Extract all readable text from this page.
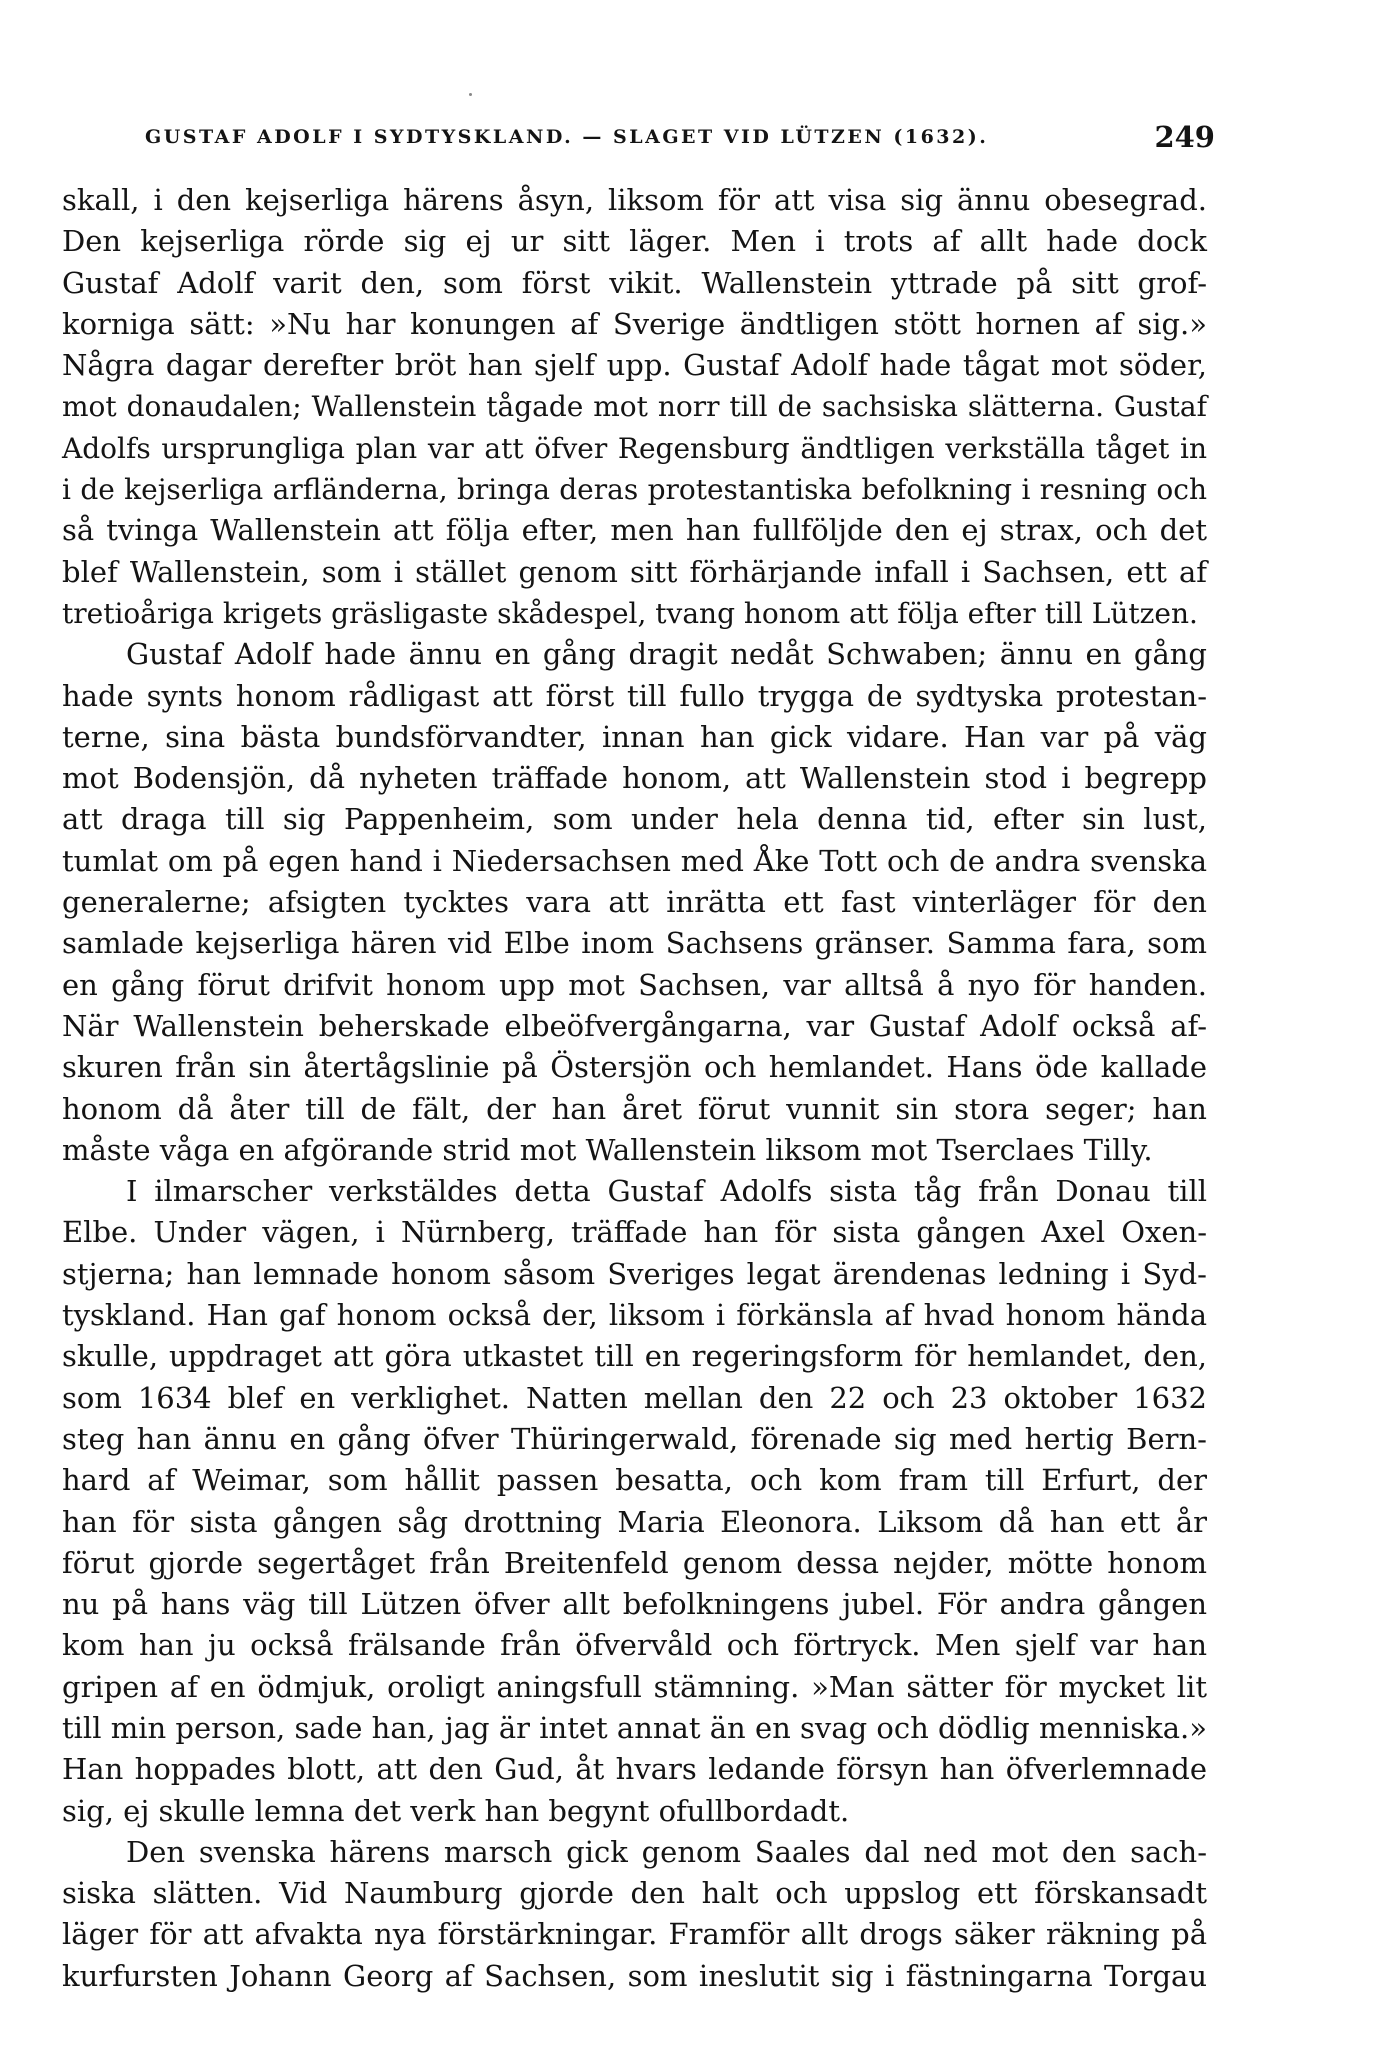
GUSTAF ADOLF I SYDTYSKLAND. — SLAGET VID LÜTZEN (1632).	249
skall, i den kejserliga härens åsyn, liksom för att visa sig ännu obesegrad.
Den kejserliga rörde sig ej ur sitt läger. Men i trots af allt hade dock
Gustaf Adolf varit den, som först vikit. Wallenstein yttrade på sitt grof-
korniga sätt: »Nu har konungen af Sverige ändtligen stött hornen af sig.»
Några dagar derefter bröt han sjelf upp. Gustaf Adolf hade tågat mot söder,
mot donaudalen; Wallenstein tågade mot norr till de sachsiska slätterna. Gustaf
Adolfs ursprungliga plan var att öfver Regensburg ändtligen verkställa tåget in
i de kejserliga arfländerna, bringa deras protestantiska befolkning i resning och
så tvinga Wallenstein att följa efter, men han fullföljde den ej strax, och det
blef Wallenstein, som i stället genom sitt förhärjande infall i Sachsen, ett af
tretioåriga krigets gräsligaste skådespel, tvang honom att följa efter till Lützen.
Gustaf Adolf hade ännu en gång dragit nedåt Schwaben; ännu en gång
hade synts honom rådligast att först till fullo trygga de sydtyska protestan-
terne, sina bästa bundsförvandter, innan han gick vidare. Han var på väg
mot Bodensjön, då nyheten träffade honom, att Wallenstein stod i begrepp
att draga till sig Pappenheim, som under hela denna tid, efter sin lust,
tumlat om på egen hand i Niedersachsen med Åke Tott och de andra svenska
generalerne; afsigten tycktes vara att inrätta ett fast vinterläger för den
samlade kejserliga hären vid Elbe inom Sachsens gränser. Samma fara, som
en gång förut drifvit honom upp mot Sachsen, var alltså å nyo för handen.
När Wallenstein beherskade elbeöfvergångarna, var Gustaf Adolf också af-
skuren från sin återtågslinie på Östersjön och hemlandet. Hans öde kallade
honom då åter till de fält, der han året förut vunnit sin stora seger; han
måste våga en afgörande strid mot Wallenstein liksom mot Tserclaes Tilly.
I ilmarscher verkstäldes detta Gustaf Adolfs sista tåg från Donau till
Elbe. Under vägen, i Nürnberg, träffade han för sista gången Axel Oxen-
stjerna; han lemnade honom såsom Sveriges legat ärendenas ledning i Syd-
tyskland. Han gaf honom också der, liksom i förkänsla af hvad honom hända
skulle, uppdraget att göra utkastet till en regeringsform för hemlandet, den,
som 1634 blef en verklighet. Natten mellan den 22 och 23 oktober 1632
steg han ännu en gång öfver Thüringerwald, förenade sig med hertig Bern-
hard af Weimar, som hållit passen besatta, och kom fram till Erfurt, der
han för sista gången såg drottning Maria Eleonora. Liksom då han ett år
förut gjorde segertåget från Breitenfeld genom dessa nejder, mötte honom
nu på hans väg till Lützen öfver allt befolkningens jubel. För andra gången
kom han ju också frälsande från öfvervåld och förtryck. Men sjelf var han
gripen af en ödmjuk, oroligt aningsfull stämning. »Man sätter för mycket lit
till min person, sade han, jag är intet annat än en svag och dödlig menniska.»
Han hoppades blott, att den Gud, åt hvars ledande försyn han öfverlemnade
sig, ej skulle lemna det verk han begynt ofullbordadt.
Den svenska härens marsch gick genom Saales dal ned mot den sach-
siska slätten. Vid Naumburg gjorde den halt och uppslog ett förskansadt
läger för att afvakta nya förstärkningar. Framför allt drogs säker räkning på
kurfursten Johann Georg af Sachsen, som ineslutit sig i fästningarna Torgau
